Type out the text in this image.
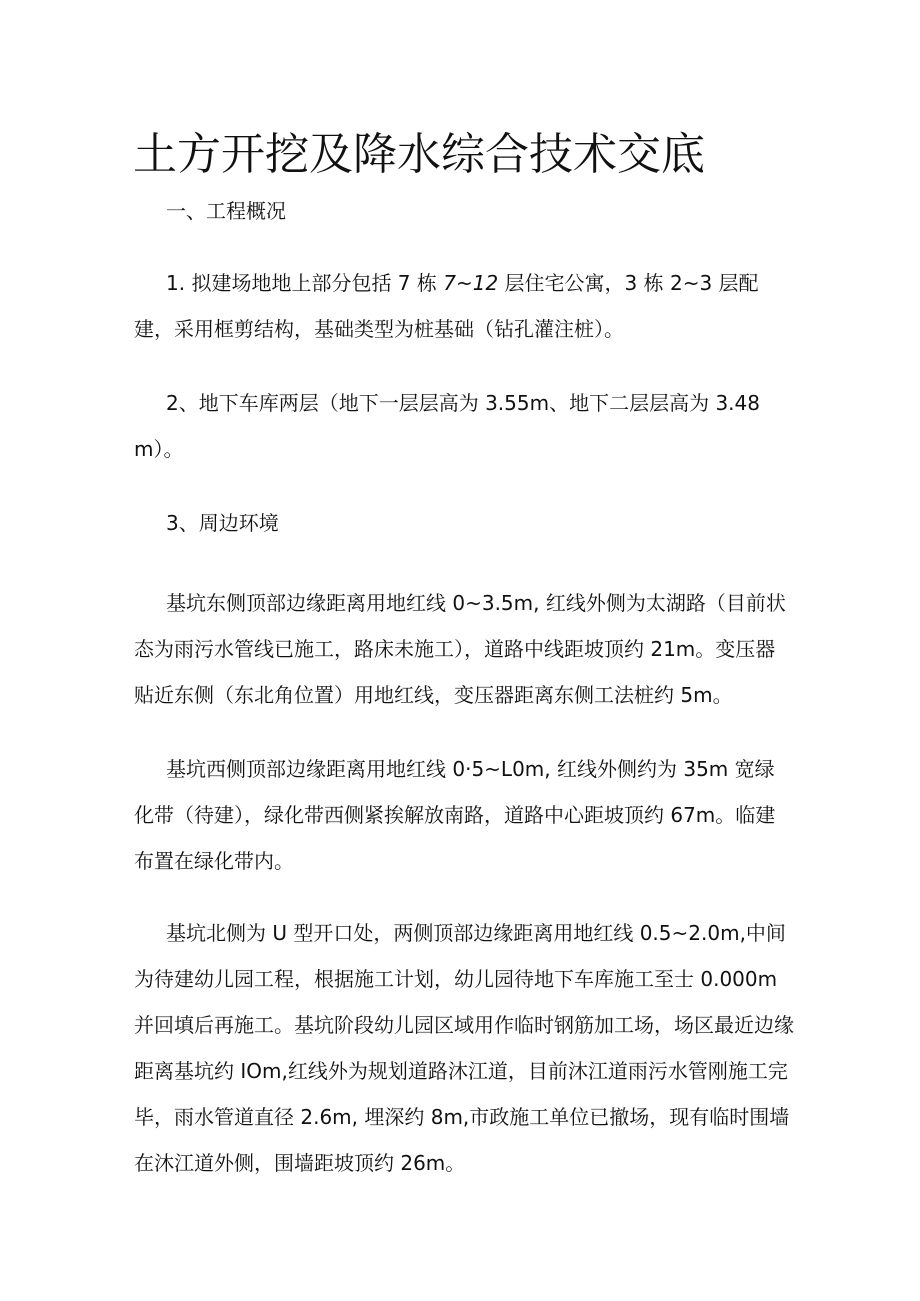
土方开挖及降水综合技术交底
一、工程概况

1. 拟建场地地上部分包括 7 栋 7~12 层住宅公寓，3 栋 2~3 层配建，采用框剪结构，基础类型为桩基础（钻孔灌注桩）。

2、地下车库两层（地下一层层高为 3.55m、地下二层层高为 3.48m）。

3、周边环境

基坑东侧顶部边缘距离用地红线 0~3.5m, 红线外侧为太湖路（目前状态为雨污水管线已施工，路床未施工），道路中线距坡顶约 21m。变压器贴近东侧（东北角位置）用地红线，变压器距离东侧工法桩约 5m。

基坑西侧顶部边缘距离用地红线 0·5~L0m, 红线外侧约为 35m 宽绿化带（待建），绿化带西侧紧挨解放南路，道路中心距坡顶约 67m。临建布置在绿化带内。

基坑北侧为 U 型开口处，两侧顶部边缘距离用地红线 0.5~2.0m,中间为待建幼儿园工程，根据施工计划，幼儿园待地下车库施工至士 0.000m 并回填后再施工。基坑阶段幼儿园区域用作临时钢筋加工场，场区最近边缘距离基坑约 IOm,红线外为规划道路沐江道，目前沐江道雨污水管刚施工完毕，雨水管道直径 2.6m, 埋深约 8m,市政施工单位已撤场，现有临时围墙在沐江道外侧，围墙距坡顶约 26m。
